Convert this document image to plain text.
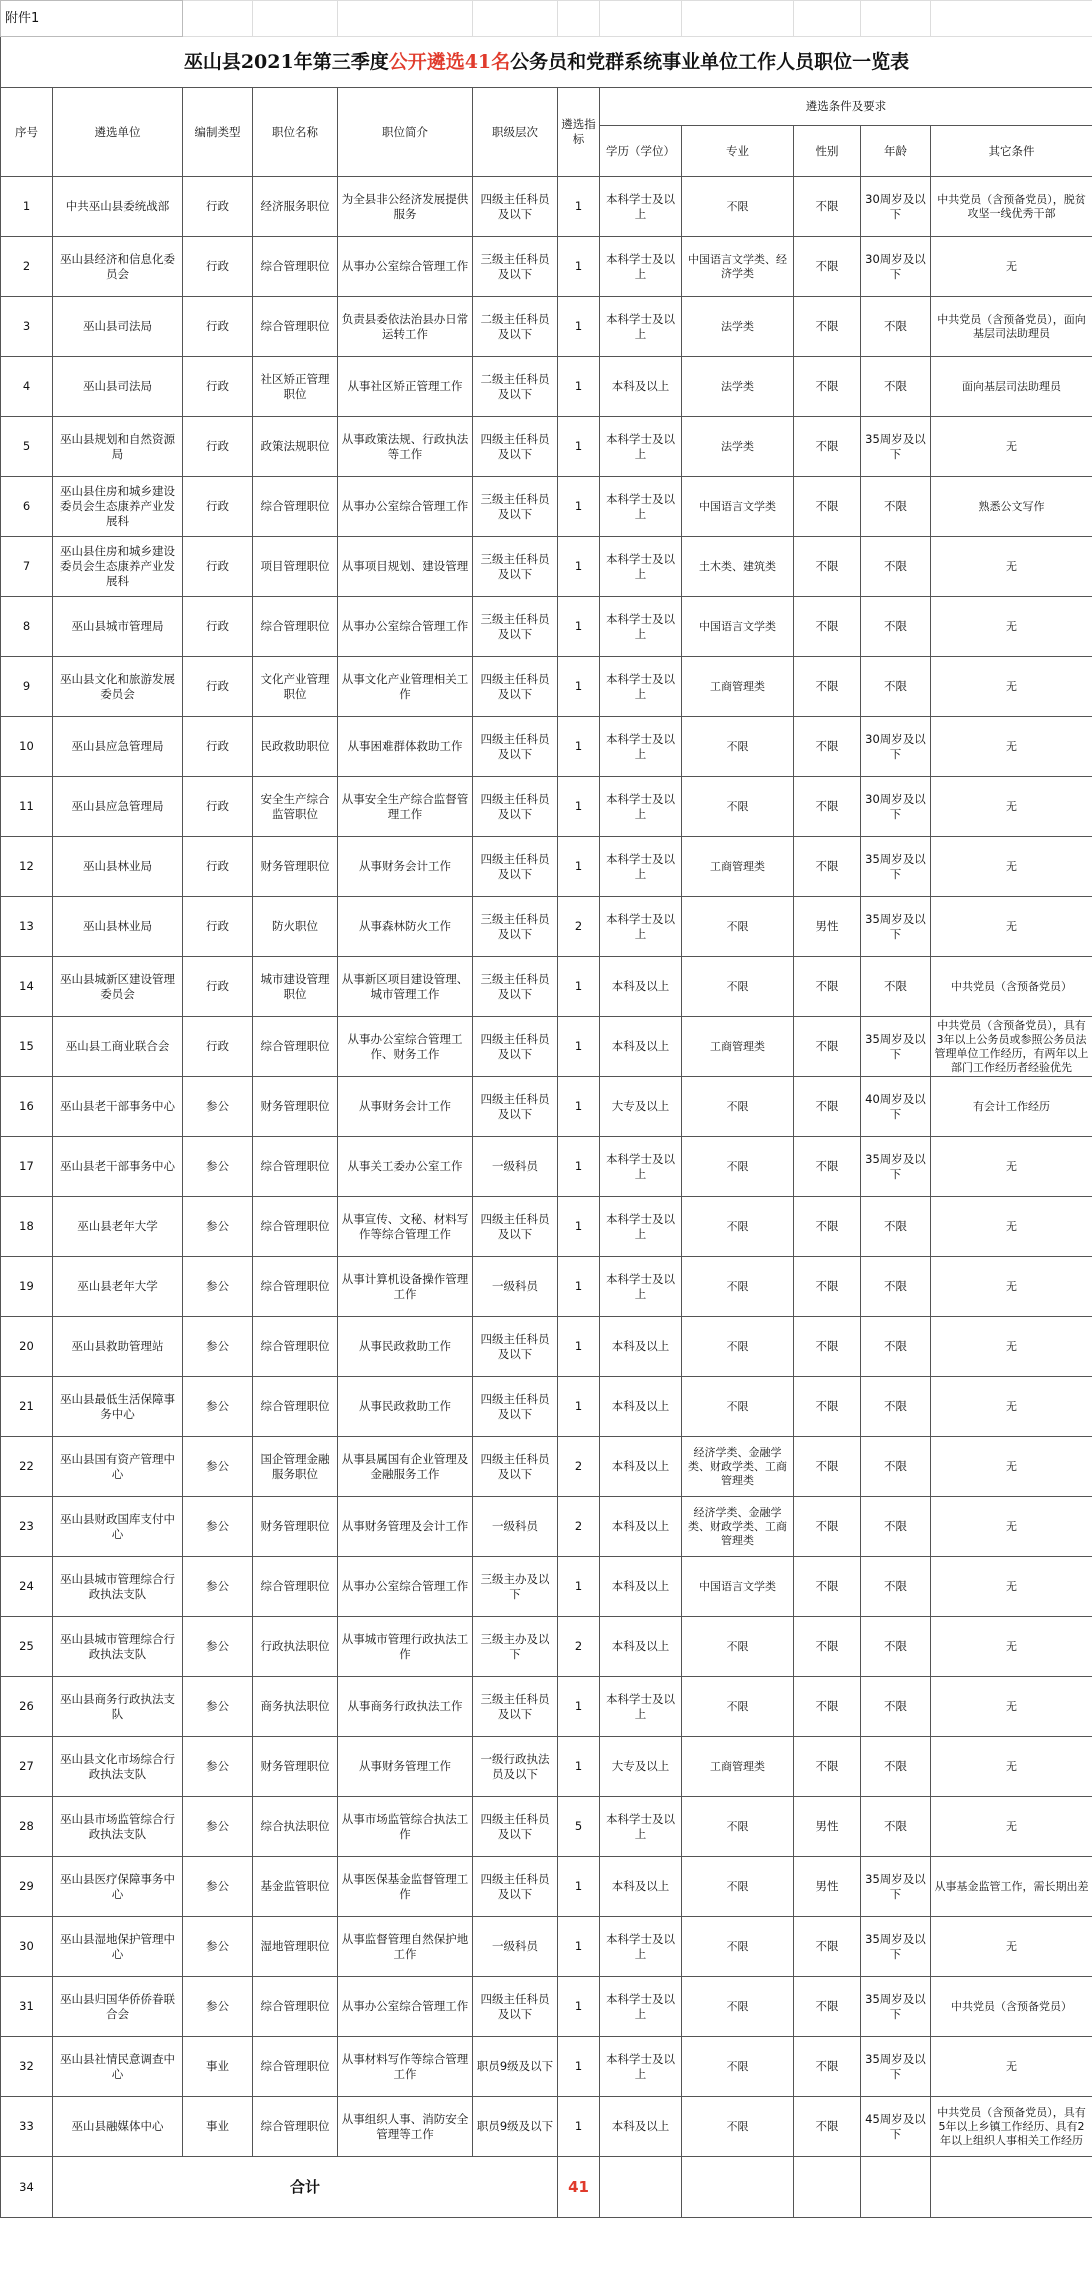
附件1											
巫山县2021年第三季度公开遴选41名公务员和党群系统事业单位工作人员职位一览表											
序号	遴选单位	编制类型	职位名称	职位简介	职级层次	遴选指标	遴选条件及要求				
							学历（学位）	专业	性别	年龄	其它条件
1	中共巫山县委统战部	行政	经济服务职位	为全县非公经济发展提供服务	四级主任科员及以下	1	本科学士及以上	不限	不限	30周岁及以下	中共党员（含预备党员），脱贫攻坚一线优秀干部
2	巫山县经济和信息化委员会	行政	综合管理职位	从事办公室综合管理工作	三级主任科员及以下	1	本科学士及以上	中国语言文学类、经济学类	不限	30周岁及以下	无
3	巫山县司法局	行政	综合管理职位	负责县委依法治县办日常运转工作	二级主任科员及以下	1	本科学士及以上	法学类	不限	不限	中共党员（含预备党员），面向基层司法助理员
4	巫山县司法局	行政	社区矫正管理职位	从事社区矫正管理工作	二级主任科员及以下	1	本科及以上	法学类	不限	不限	面向基层司法助理员
5	巫山县规划和自然资源局	行政	政策法规职位	从事政策法规、行政执法等工作	四级主任科员及以下	1	本科学士及以上	法学类	不限	35周岁及以下	无
6	巫山县住房和城乡建设委员会生态康养产业发展科	行政	综合管理职位	从事办公室综合管理工作	三级主任科员及以下	1	本科学士及以上	中国语言文学类	不限	不限	熟悉公文写作
7	巫山县住房和城乡建设委员会生态康养产业发展科	行政	项目管理职位	从事项目规划、建设管理	三级主任科员及以下	1	本科学士及以上	土木类、建筑类	不限	不限	无
8	巫山县城市管理局	行政	综合管理职位	从事办公室综合管理工作	三级主任科员及以下	1	本科学士及以上	中国语言文学类	不限	不限	无
9	巫山县文化和旅游发展委员会	行政	文化产业管理职位	从事文化产业管理相关工作	四级主任科员及以下	1	本科学士及以上	工商管理类	不限	不限	无
10	巫山县应急管理局	行政	民政救助职位	从事困难群体救助工作	四级主任科员及以下	1	本科学士及以上	不限	不限	30周岁及以下	无
11	巫山县应急管理局	行政	安全生产综合监管职位	从事安全生产综合监督管理工作	四级主任科员及以下	1	本科学士及以上	不限	不限	30周岁及以下	无
12	巫山县林业局	行政	财务管理职位	从事财务会计工作	四级主任科员及以下	1	本科学士及以上	工商管理类	不限	35周岁及以下	无
13	巫山县林业局	行政	防火职位	从事森林防火工作	三级主任科员及以下	2	本科学士及以上	不限	男性	35周岁及以下	无
14	巫山县城新区建设管理委员会	行政	城市建设管理职位	从事新区项目建设管理、城市管理工作	三级主任科员及以下	1	本科及以上	不限	不限	不限	中共党员（含预备党员）
15	巫山县工商业联合会	行政	综合管理职位	从事办公室综合管理工作、财务工作	四级主任科员及以下	1	本科及以上	工商管理类	不限	35周岁及以下	中共党员（含预备党员），具有3年以上公务员或参照公务员法管理单位工作经历，有两年以上部门工作经历者经验优先
16	巫山县老干部事务中心	参公	财务管理职位	从事财务会计工作	四级主任科员及以下	1	大专及以上	不限	不限	40周岁及以下	有会计工作经历
17	巫山县老干部事务中心	参公	综合管理职位	从事关工委办公室工作	一级科员	1	本科学士及以上	不限	不限	35周岁及以下	无
18	巫山县老年大学	参公	综合管理职位	从事宣传、文秘、材料写作等综合管理工作	四级主任科员及以下	1	本科学士及以上	不限	不限	不限	无
19	巫山县老年大学	参公	综合管理职位	从事计算机设备操作管理工作	一级科员	1	本科学士及以上	不限	不限	不限	无
20	巫山县救助管理站	参公	综合管理职位	从事民政救助工作	四级主任科员及以下	1	本科及以上	不限	不限	不限	无
21	巫山县最低生活保障事务中心	参公	综合管理职位	从事民政救助工作	四级主任科员及以下	1	本科及以上	不限	不限	不限	无
22	巫山县国有资产管理中心	参公	国企管理金融服务职位	从事县属国有企业管理及金融服务工作	四级主任科员及以下	2	本科及以上	经济学类、金融学类、财政学类、工商管理类	不限	不限	无
23	巫山县财政国库支付中心	参公	财务管理职位	从事财务管理及会计工作	一级科员	2	本科及以上	经济学类、金融学类、财政学类、工商管理类	不限	不限	无
24	巫山县城市管理综合行政执法支队	参公	综合管理职位	从事办公室综合管理工作	三级主办及以下	1	本科及以上	中国语言文学类	不限	不限	无
25	巫山县城市管理综合行政执法支队	参公	行政执法职位	从事城市管理行政执法工作	三级主办及以下	2	本科及以上	不限	不限	不限	无
26	巫山县商务行政执法支队	参公	商务执法职位	从事商务行政执法工作	三级主任科员及以下	1	本科学士及以上	不限	不限	不限	无
27	巫山县文化市场综合行政执法支队	参公	财务管理职位	从事财务管理工作	一级行政执法员及以下	1	大专及以上	工商管理类	不限	不限	无
28	巫山县市场监管综合行政执法支队	参公	综合执法职位	从事市场监管综合执法工作	四级主任科员及以下	5	本科学士及以上	不限	男性	不限	无
29	巫山县医疗保障事务中心	参公	基金监管职位	从事医保基金监督管理工作	四级主任科员及以下	1	本科及以上	不限	男性	35周岁及以下	从事基金监管工作，需长期出差
30	巫山县湿地保护管理中心	参公	湿地管理职位	从事监督管理自然保护地工作	一级科员	1	本科学士及以上	不限	不限	35周岁及以下	无
31	巫山县归国华侨侨眷联合会	参公	综合管理职位	从事办公室综合管理工作	四级主任科员及以下	1	本科学士及以上	不限	不限	35周岁及以下	中共党员（含预备党员）
32	巫山县社情民意调查中心	事业	综合管理职位	从事材料写作等综合管理工作	职员9级及以下	1	本科学士及以上	不限	不限	35周岁及以下	无
33	巫山县融媒体中心	事业	综合管理职位	从事组织人事、消防安全管理等工作	职员9级及以下	1	本科及以上	不限	不限	45周岁及以下	中共党员（含预备党员），具有5年以上乡镇工作经历、具有2年以上组织人事相关工作经历
34	合计					41					
